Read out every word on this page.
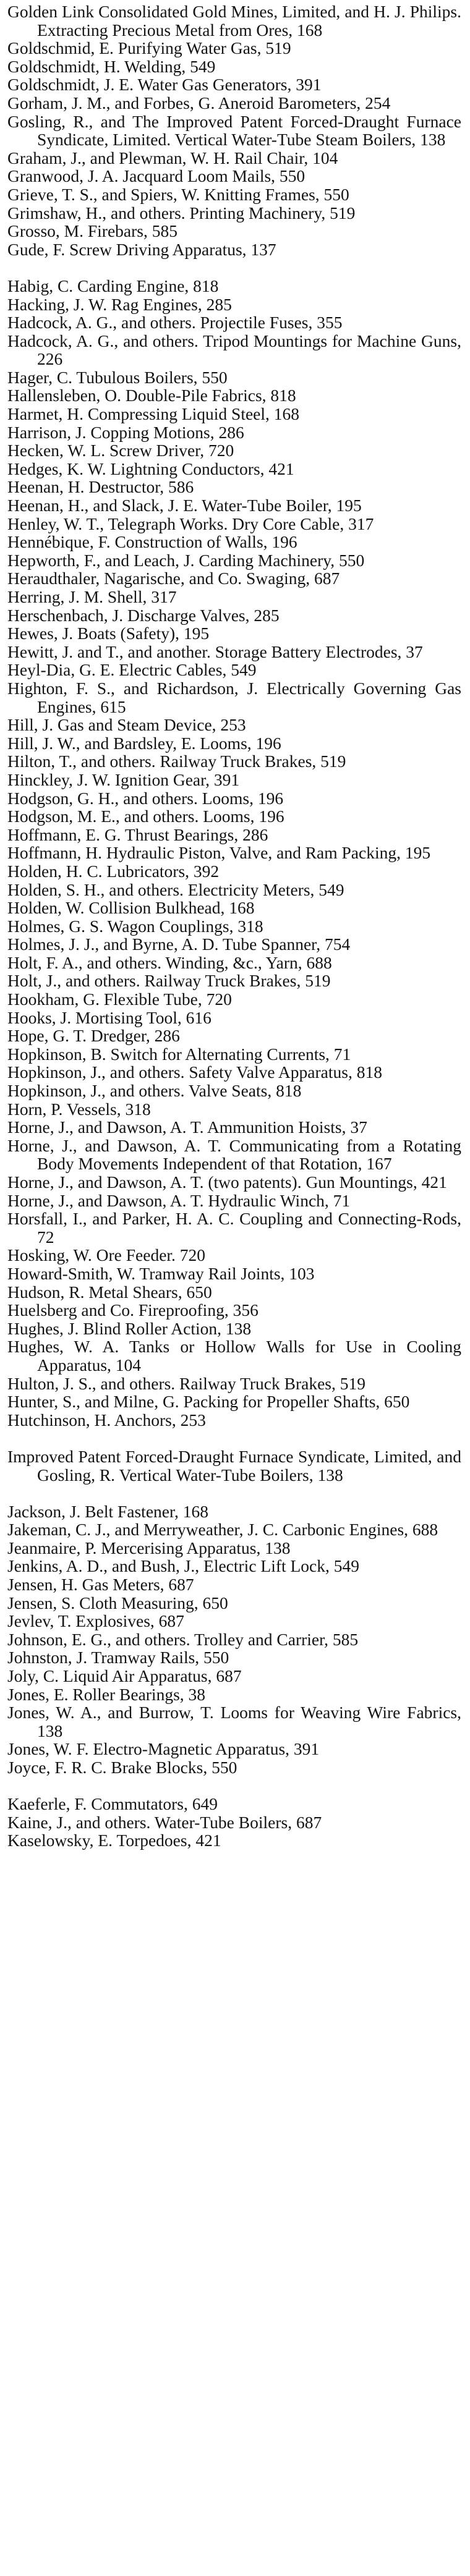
Golden Link Consolidated Gold Mines, Limited, and H. J. Philips. Extracting Precious Metal from Ores, 168

Goldschmid, E. Purifying Water Gas, 519

Goldschmidt, H. Welding, 549

Goldschmidt, J. E. Water Gas Generators, 391

Gorham, J. M., and Forbes, G. Aneroid Barometers, 254

Gosling, R., and The Improved Patent Forced-Draught Furnace Syndicate, Limited. Vertical Water-Tube Steam Boilers, 138

Graham, J., and Plewman, W. H. Rail Chair, 104

Granwood, J. A. Jacquard Loom Mails, 550

Grieve, T. S., and Spiers, W. Knitting Frames, 550

Grimshaw, H., and others. Printing Machinery, 519

Grosso, M. Firebars, 585

Gude, F. Screw Driving Apparatus, 137

Habig, C. Carding Engine, 818

Hacking, J. W. Rag Engines, 285

Hadcock, A. G., and others. Projectile Fuses, 355

Hadcock, A. G., and others. Tripod Mountings for Machine Guns, 226

Hager, C. Tubulous Boilers, 550

Hallensleben, O. Double-Pile Fabrics, 818

Harmet, H. Compressing Liquid Steel, 168

Harrison, J. Copping Motions, 286

Hecken, W. L. Screw Driver, 720

Hedges, K. W. Lightning Conductors, 421

Heenan, H. Destructor, 586

Heenan, H., and Slack, J. E. Water-Tube Boiler, 195

Henley, W. T., Telegraph Works. Dry Core Cable, 317

Hennébique, F. Construction of Walls, 196

Hepworth, F., and Leach, J. Carding Machinery, 550

Heraudthaler, Nagarische, and Co. Swaging, 687

Herring, J. M. Shell, 317

Herschenbach, J. Discharge Valves, 285

Hewes, J. Boats (Safety), 195

Hewitt, J. and T., and another. Storage Battery Electrodes, 37

Heyl-Dia, G. E. Electric Cables, 549

Highton, F. S., and Richardson, J. Electrically Governing Gas Engines, 615

Hill, J. Gas and Steam Device, 253

Hill, J. W., and Bardsley, E. Looms, 196

Hilton, T., and others. Railway Truck Brakes, 519

Hinckley, J. W. Ignition Gear, 391

Hodgson, G. H., and others. Looms, 196

Hodgson, M. E., and others. Looms, 196

Hoffmann, E. G. Thrust Bearings, 286

Hoffmann, H. Hydraulic Piston, Valve, and Ram Packing, 195

Holden, H. C. Lubricators, 392

Holden, S. H., and others. Electricity Meters, 549

Holden, W. Collision Bulkhead, 168

Holmes, G. S. Wagon Couplings, 318

Holmes, J. J., and Byrne, A. D. Tube Spanner, 754

Holt, F. A., and others. Winding, &c., Yarn, 688

Holt, J., and others. Railway Truck Brakes, 519

Hookham, G. Flexible Tube, 720

Hooks, J. Mortising Tool, 616

Hope, G. T. Dredger, 286

Hopkinson, B. Switch for Alternating Currents, 71

Hopkinson, J., and others. Safety Valve Apparatus, 818

Hopkinson, J., and others. Valve Seats, 818

Horn, P. Vessels, 318

Horne, J., and Dawson, A. T. Ammunition Hoists, 37

Horne, J., and Dawson, A. T. Communicating from a Rotating Body Movements Independent of that Rotation, 167

Horne, J., and Dawson, A. T. (two patents). Gun Mountings, 421

Horne, J., and Dawson, A. T. Hydraulic Winch, 71

Horsfall, I., and Parker, H. A. C. Coupling and Connecting-Rods, 72

Hosking, W. Ore Feeder. 720

Howard-Smith, W. Tramway Rail Joints, 103

Hudson, R. Metal Shears, 650

Huelsberg and Co. Fireproofing, 356

Hughes, J. Blind Roller Action, 138

Hughes, W. A. Tanks or Hollow Walls for Use in Cooling Apparatus, 104

Hulton, J. S., and others. Railway Truck Brakes, 519

Hunter, S., and Milne, G. Packing for Propeller Shafts, 650

Hutchinson, H. Anchors, 253

Improved Patent Forced-Draught Furnace Syndicate, Limited, and Gosling, R. Vertical Water-Tube Boilers, 138

Jackson, J. Belt Fastener, 168

Jakeman, C. J., and Merryweather, J. C. Carbonic Engines, 688

Jeanmaire, P. Mercerising Apparatus, 138

Jenkins, A. D., and Bush, J., Electric Lift Lock, 549

Jensen, H. Gas Meters, 687

Jensen, S. Cloth Measuring, 650

Jevlev, T. Explosives, 687

Johnson, E. G., and others. Trolley and Carrier, 585

Johnston, J. Tramway Rails, 550

Joly, C. Liquid Air Apparatus, 687

Jones, E. Roller Bearings, 38

Jones, W. A., and Burrow, T. Looms for Weaving Wire Fabrics, 138

Jones, W. F. Electro-Magnetic Apparatus, 391

Joyce, F. R. C. Brake Blocks, 550

Kaeferle, F. Commutators, 649

Kaine, J., and others. Water-Tube Boilers, 687

Kaselowsky, E. Torpedoes, 421
